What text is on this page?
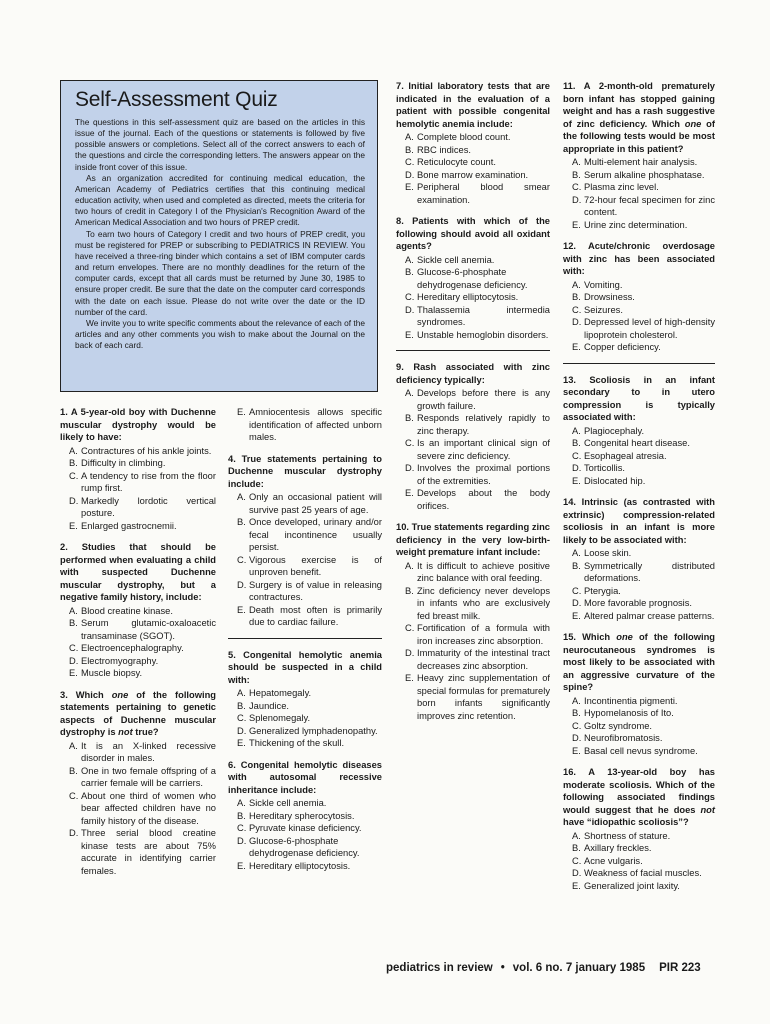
Self-Assessment Quiz

The questions in this self-assessment quiz are based on the articles in this issue of the journal. Each of the questions or statements is followed by five possible answers or completions. Select all of the correct answers to each of the questions and circle the corresponding letters. The answers appear on the inside front cover of this issue.

As an organization accredited for continuing medical education, the American Academy of Pediatrics certifies that this continuing medical education activity, when used and completed as directed, meets the criteria for two hours of credit in Category I of the Physician's Recognition Award of the American Medical Association and two hours of PREP credit.

To earn two hours of Category I credit and two hours of PREP credit, you must be registered for PREP or subscribing to PEDIATRICS IN REVIEW. You have received a three-ring binder which contains a set of IBM computer cards and return envelopes. There are no monthly deadlines for the return of the computer cards, except that all cards must be returned by June 30, 1985 to ensure proper credit. Be sure that the date on the computer card corresponds with the date on each issue. Please do not write over the date or the ID number of the card.

We invite you to write specific comments about the relevance of each of the articles and any other comments you wish to make about the Journal on the back of each card.

1. A 5-year-old boy with Duchenne muscular dystrophy would be likely to have:
A. Contractures of his ankle joints.
B. Difficulty in climbing.
C. A tendency to rise from the floor rump first.
D. Markedly lordotic vertical posture.
E. Enlarged gastrocnemii.
2. Studies that should be performed when evaluating a child with suspected Duchenne muscular dystrophy, but a negative family history, include:
A. Blood creatine kinase.
B. Serum glutamic-oxaloacetic transaminase (SGOT).
C. Electroencephalography.
D. Electromyography.
E. Muscle biopsy.
3. Which one of the following statements pertaining to genetic aspects of Duchenne muscular dystrophy is not true?
A. It is an X-linked recessive disorder in males.
B. One in two female offspring of a carrier female will be carriers.
C. About one third of women who bear affected children have no family history of the disease.
D. Three serial blood creatine kinase tests are about 75% accurate in identifying carrier females.
E. Amniocentesis allows specific identification of affected unborn males.
4. True statements pertaining to Duchenne muscular dystrophy include:
A. Only an occasional patient will survive past 25 years of age.
B. Once developed, urinary and/or fecal incontinence usually persist.
C. Vigorous exercise is of unproven benefit.
D. Surgery is of value in releasing contractures.
E. Death most often is primarily due to cardiac failure.
5. Congenital hemolytic anemia should be suspected in a child with:
A. Hepatomegaly.
B. Jaundice.
C. Splenomegaly.
D. Generalized lymphadenopathy.
E. Thickening of the skull.
6. Congenital hemolytic diseases with autosomal recessive inheritance include:
A. Sickle cell anemia.
B. Hereditary spherocytosis.
C. Pyruvate kinase deficiency.
D. Glucose-6-phosphate dehydrogenase deficiency.
E. Hereditary elliptocytosis.
7. Initial laboratory tests that are indicated in the evaluation of a patient with possible congenital hemolytic anemia include:
A. Complete blood count.
B. RBC indices.
C. Reticulocyte count.
D. Bone marrow examination.
E. Peripheral blood smear examination.
8. Patients with which of the following should avoid all oxidant agents?
A. Sickle cell anemia.
B. Glucose-6-phosphate dehydrogenase deficiency.
C. Hereditary elliptocytosis.
D. Thalassemia intermedia syndromes.
E. Unstable hemoglobin disorders.
9. Rash associated with zinc deficiency typically:
A. Develops before there is any growth failure.
B. Responds relatively rapidly to zinc therapy.
C. Is an important clinical sign of severe zinc deficiency.
D. Involves the proximal portions of the extremities.
E. Develops about the body orifices.
10. True statements regarding zinc deficiency in the very low-birth-weight premature infant include:
A. It is difficult to achieve positive zinc balance with oral feeding.
B. Zinc deficiency never develops in infants who are exclusively fed breast milk.
C. Fortification of a formula with iron increases zinc absorption.
D. Immaturity of the intestinal tract decreases zinc absorption.
E. Heavy zinc supplementation of special formulas for prematurely born infants significantly improves zinc retention.
11. A 2-month-old prematurely born infant has stopped gaining weight and has a rash suggestive of zinc deficiency. Which one of the following tests would be most appropriate in this patient?
A. Multi-element hair analysis.
B. Serum alkaline phosphatase.
C. Plasma zinc level.
D. 72-hour fecal specimen for zinc content.
E. Urine zinc determination.
12. Acute/chronic overdosage with zinc has been associated with:
A. Vomiting.
B. Drowsiness.
C. Seizures.
D. Depressed level of high-density lipoprotein cholesterol.
E. Copper deficiency.
13. Scoliosis in an infant secondary to in utero compression is typically associated with:
A. Plagiocephaly.
B. Congenital heart disease.
C. Esophageal atresia.
D. Torticollis.
E. Dislocated hip.
14. Intrinsic (as contrasted with extrinsic) compression-related scoliosis in an infant is more likely to be associated with:
A. Loose skin.
B. Symmetrically distributed deformations.
C. Pterygia.
D. More favorable prognosis.
E. Altered palmar crease patterns.
15. Which one of the following neurocutaneous syndromes is most likely to be associated with an aggressive curvature of the spine?
A. Incontinentia pigmenti.
B. Hypomelanosis of Ito.
C. Goltz syndrome.
D. Neurofibromatosis.
E. Basal cell nevus syndrome.
16. A 13-year-old boy has moderate scoliosis. Which of the following associated findings would suggest that he does not have “idiopathic scoliosis”?
A. Shortness of stature.
B. Axillary freckles.
C. Acne vulgaris.
D. Weakness of facial muscles.
E. Generalized joint laxity.
pediatrics in review • vol. 6 no. 7 january 1985 PIR 223
